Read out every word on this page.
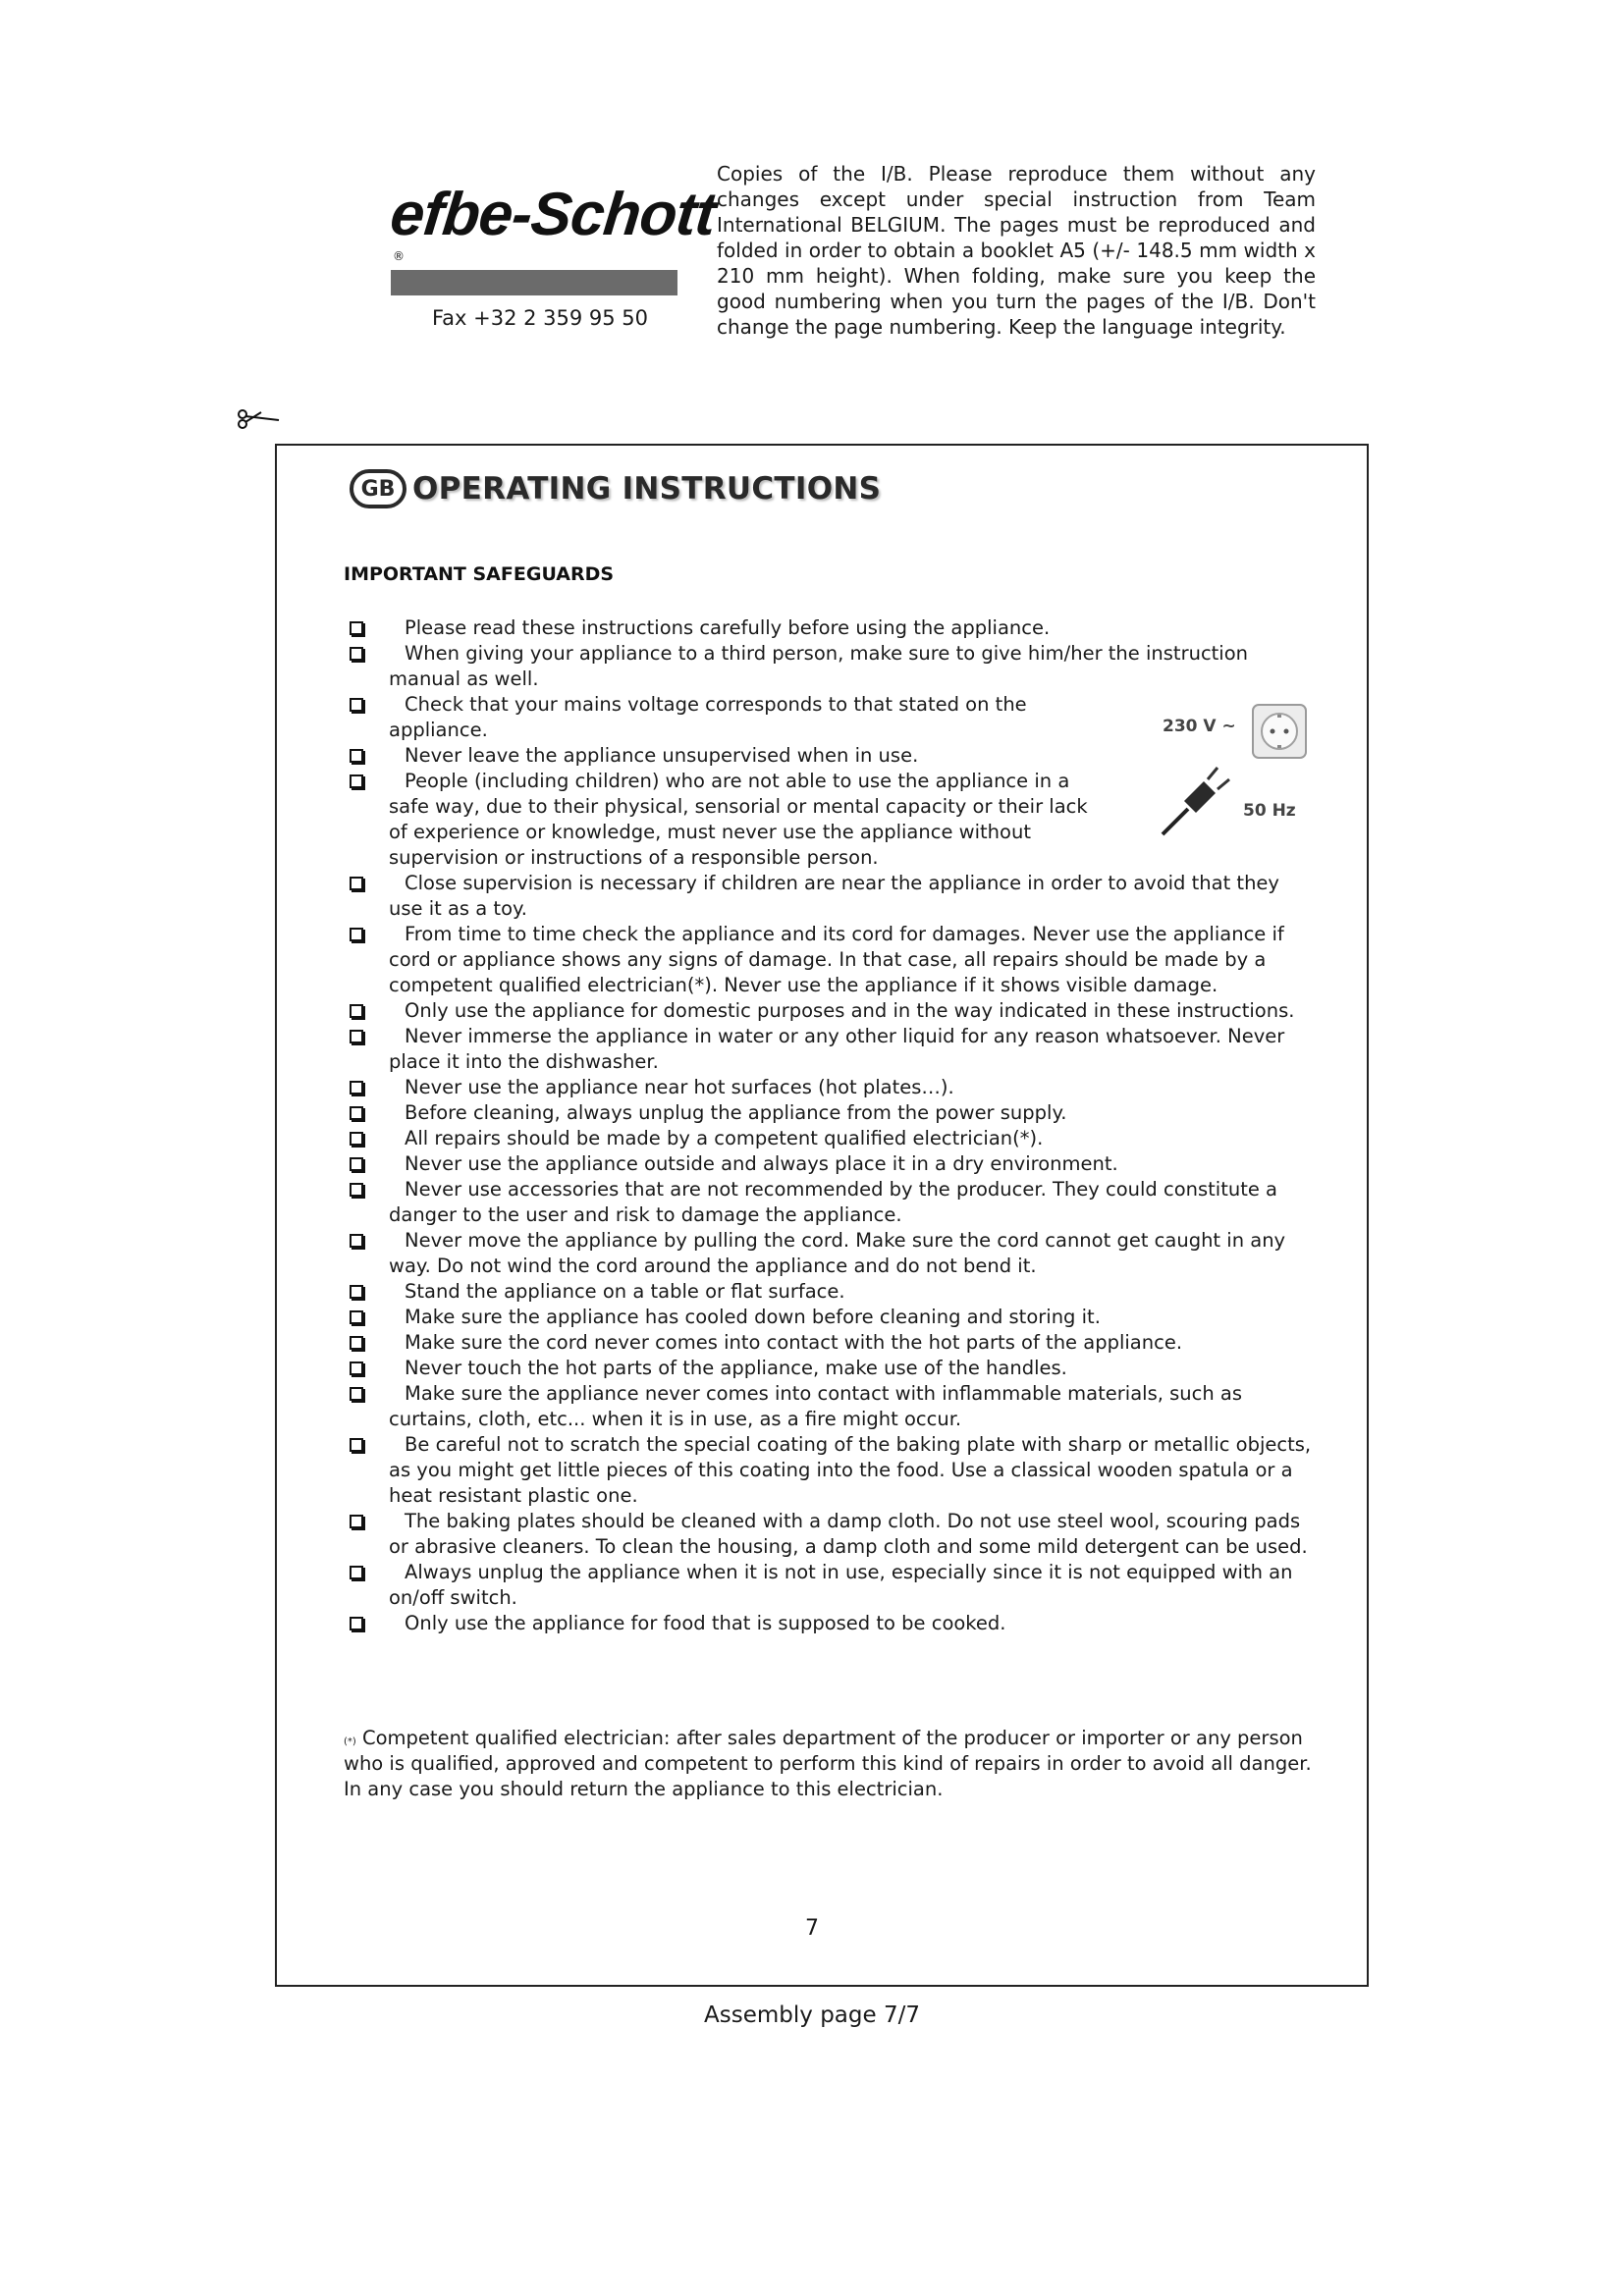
efbe-Schott®
Fax +32 2 359 95 50
Copies of the I/B. Please reproduce them without any changes except under special instruction from Team International BELGIUM. The pages must be reproduced and folded in order to obtain a booklet A5 (+/- 148.5 mm width x 210 mm height). When folding, make sure you keep the good numbering when you turn the pages of the I/B. Don't change the page numbering. Keep the language integrity.
GB OPERATING INSTRUCTIONS
IMPORTANT SAFEGUARDS
Please read these instructions carefully before using the appliance.
When giving your appliance to a third person, make sure to give him/her the instruction manual as well.
Check that your mains voltage corresponds to that stated on the appliance.
Never leave the appliance unsupervised when in use.
People (including children) who are not able to use the appliance in a safe way, due to their physical, sensorial or mental capacity or their lack of experience or knowledge, must never use the appliance without supervision or instructions of a responsible person.
Close supervision is necessary if children are near the appliance in order to avoid that they use it as a toy.
From time to time check the appliance and its cord for damages. Never use the appliance if cord or appliance shows any signs of damage. In that case, all repairs should be made by a competent qualified electrician(*). Never use the appliance if it shows visible damage.
Only use the appliance for domestic purposes and in the way indicated in these instructions.
Never immerse the appliance in water or any other liquid for any reason whatsoever. Never place it into the dishwasher.
Never use the appliance near hot surfaces (hot plates…).
Before cleaning, always unplug the appliance from the power supply.
All repairs should be made by a competent qualified electrician(*).
Never use the appliance outside and always place it in a dry environment.
Never use accessories that are not recommended by the producer. They could constitute a danger to the user and risk to damage the appliance.
Never move the appliance by pulling the cord. Make sure the cord cannot get caught in any way. Do not wind the cord around the appliance and do not bend it.
Stand the appliance on a table or flat surface.
Make sure the appliance has cooled down before cleaning and storing it.
Make sure the cord never comes into contact with the hot parts of the appliance.
Never touch the hot parts of the appliance, make use of the handles.
Make sure the appliance never comes into contact with inflammable materials, such as curtains, cloth, etc... when it is in use, as a fire might occur.
Be careful not to scratch the special coating of the baking plate with sharp or metallic objects, as you might get little pieces of this coating into the food. Use a classical wooden spatula or a heat resistant plastic one.
The baking plates should be cleaned with a damp cloth. Do not use steel wool, scouring pads or abrasive cleaners. To clean the housing, a damp cloth and some mild detergent can be used.
Always unplug the appliance when it is not in use, especially since it is not equipped with an on/off switch.
Only use the appliance for food that is supposed to be cooked.
230 V ~
50 Hz
(*) Competent qualified electrician: after sales department of the producer or importer or any person who is qualified, approved and competent to perform this kind of repairs in order to avoid all danger. In any case you should return the appliance to this electrician.
7
Assembly page 7/7
